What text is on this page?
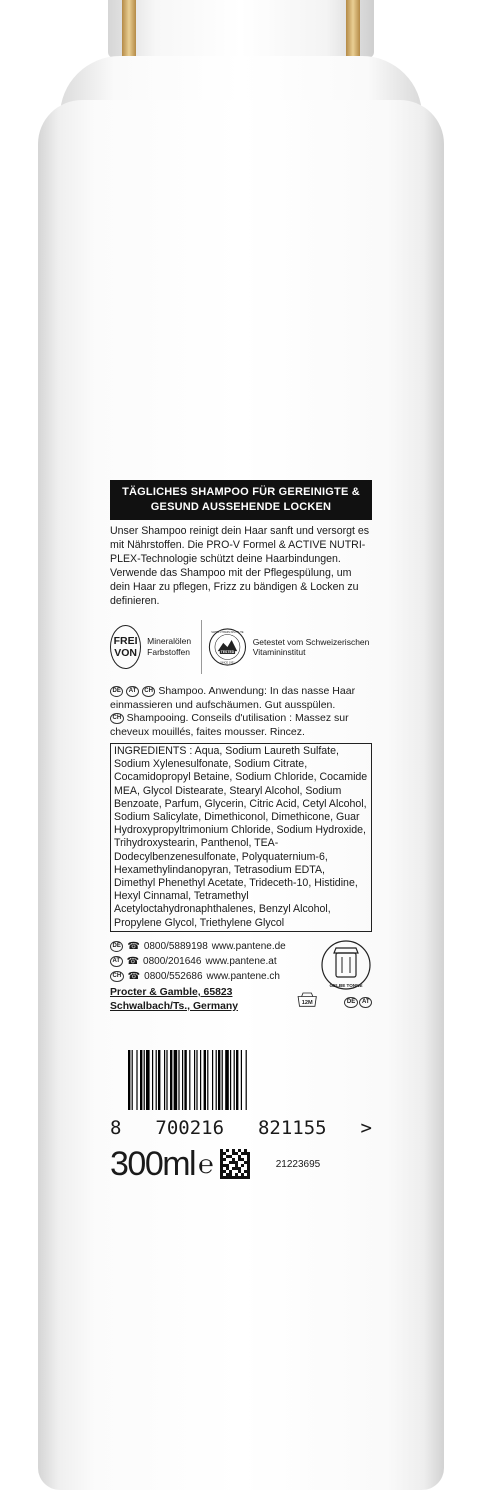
TÄGLICHES SHAMPOO FÜR GEREINIGTE & GESUND AUSSEHENDE LOCKEN
Unser Shampoo reinigt dein Haar sanft und versorgt es mit Nährstoffen. Die PRO-V Formel & ACTIVE NUTRI-PLEX-Technologie schützt deine Haarbindungen. Verwende das Shampoo mit der Pflegespülung, um dein Haar zu pflegen, Frizz zu bändigen & Locken zu definieren.
FREI
VON
Mineralölen
Farbstoffen	TESTED
SWISS VITAMIN INSTITUTE
SINCE 1931
Getestet vom Schweizerischen Vitamininstitut
DE AT CH Shampoo. Anwendung: In das nasse Haar einmassieren und aufschäumen. Gut ausspülen.
CH Shampooing. Conseils d'utilisation : Massez sur cheveux mouillés, faites mousser. Rincez.
INGREDIENTS : Aqua, Sodium Laureth Sulfate, Sodium Xylenesulfonate, Sodium Citrate, Cocamidopropyl Betaine, Sodium Chloride, Cocamide MEA, Glycol Distearate, Stearyl Alcohol, Sodium Benzoate, Parfum, Glycerin, Citric Acid, Cetyl Alcohol, Sodium Salicylate, Dimethiconol, Dimethicone, Guar Hydroxypropyltrimonium Chloride, Sodium Hydroxide, Trihydroxystearin, Panthenol, TEA-Dodecylbenzenesulfonate, Polyquaternium-6, Hexamethylindanopyran, Tetrasodium EDTA, Dimethyl Phenethyl Acetate, Trideceth-10, Histidine, Hexyl Cinnamal, Tetramethyl Acetyloctahydronaphthalenes, Benzyl Alcohol, Propylene Glycol, Triethylene Glycol
DE ☎ 0800/5889198 www.pantene.de
AT ☎ 0800/201646 www.pantene.at
CH ☎ 0800/552686 www.pantene.ch
Procter & Gamble, 65823 Schwalbach/Ts., Germany	12M
GELBE TONNE
DE AT
8 700216 821155 >
300ml ℮	21223695
